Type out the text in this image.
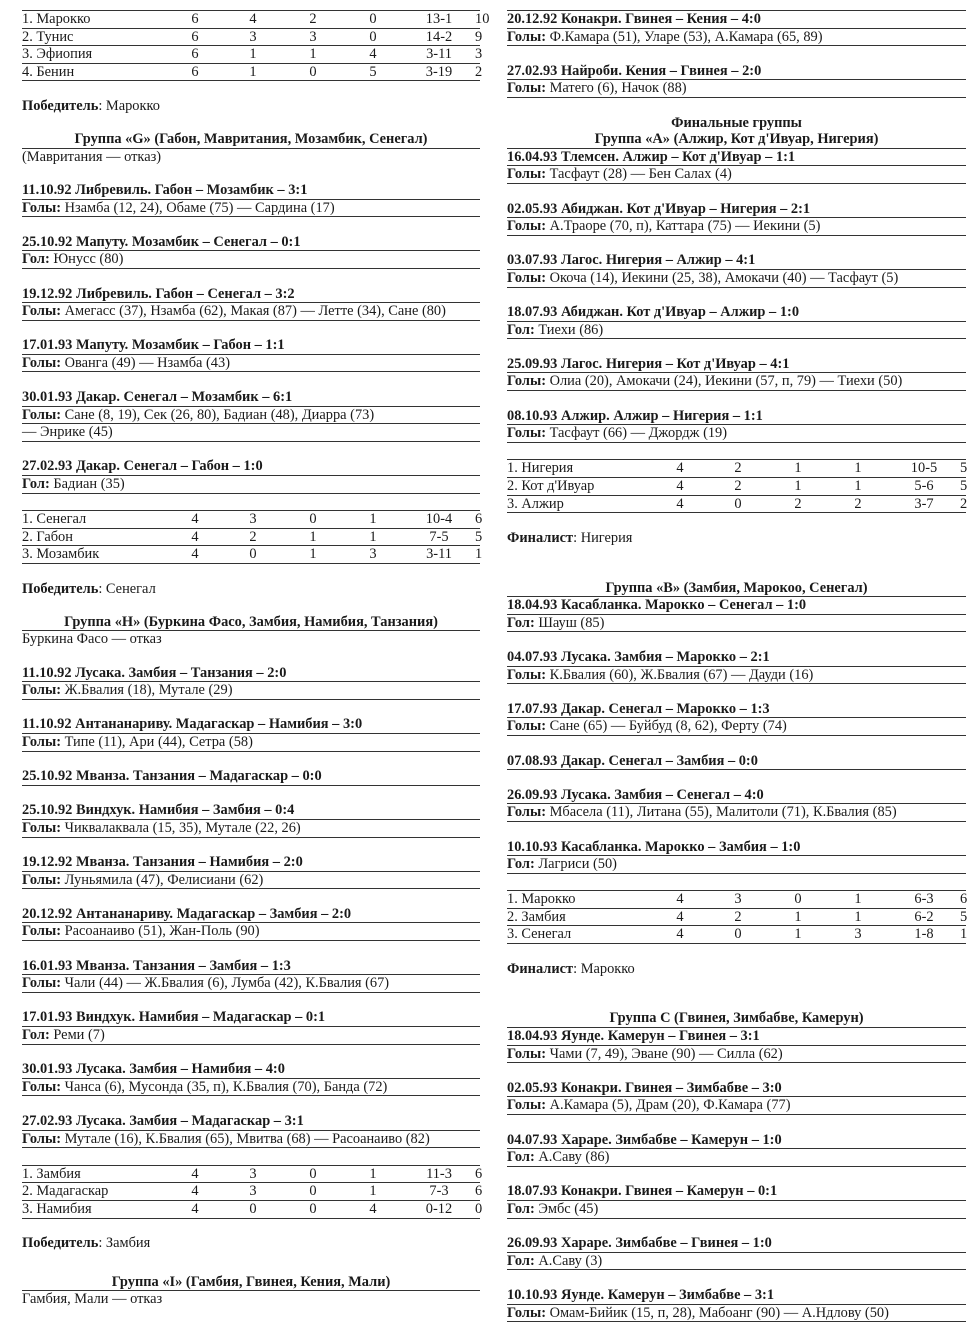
1. Марокко	6	4	2	0	13-1	10
2. Тунис	6	3	3	0	14-2	9
3. Эфиопия	6	1	1	4	3-11	3
4. Бенин	6	1	0	5	3-19	2
Победитель: Марокко
Группа «G» (Габон, Мавритания, Мозамбик, Сенегал)
(Мавритания — отказ)
11.10.92 Либревиль. Габон – Мозамбик – 3:1
Голы: Нзамба (12, 24), Обаме (75) — Сардина (17)
25.10.92 Мапуту. Мозамбик – Сенегал – 0:1
Гол: Юнусс (80)
19.12.92 Либревиль. Габон – Сенегал – 3:2
Голы: Амегасс (37), Нзамба (62), Макая (87) — Летте (34), Сане (80)
17.01.93 Мапуту. Мозамбик – Габон – 1:1
Голы: Ованга (49) — Нзамба (43)
30.01.93 Дакар. Сенегал – Мозамбик – 6:1
Голы: Сане (8, 19), Сек (26, 80), Бадиан (48), Диарра (73)
— Энрике (45)
27.02.93 Дакар. Сенегал – Габон – 1:0
Гол: Бадиан (35)
1. Сенегал	4	3	0	1	10-4	6
2. Габон	4	2	1	1	7-5	5
3. Мозамбик	4	0	1	3	3-11	1
Победитель: Сенегал
Группа «Н» (Буркина Фасо, Замбия, Намибия, Танзания)
Буркина Фасо — отказ
11.10.92 Лусака. Замбия – Танзания – 2:0
Голы: Ж.Бвалия (18), Мутале (29)
11.10.92 Антананариву. Мадагаскар – Намибия – 3:0
Голы: Типе (11), Ари (44), Сетра (58)
25.10.92 Мванза. Танзания – Мадагаскар – 0:0
25.10.92 Виндхук. Намибия – Замбия – 0:4
Голы: Чиквалаквала (15, 35), Мутале (22, 26)
19.12.92 Мванза. Танзания – Намибия – 2:0
Голы: Луньямила (47), Фелисиани (62)
20.12.92 Антананариву. Мадагаскар – Замбия – 2:0
Голы: Расоанаиво (51), Жан-Поль (90)
16.01.93 Мванза. Танзания – Замбия – 1:3
Голы: Чали (44) — Ж.Бвалия (6), Лумба (42), К.Бвалия (67)
17.01.93 Виндхук. Намибия – Мадагаскар – 0:1
Гол: Реми (7)
30.01.93 Лусака. Замбия – Намибия – 4:0
Голы: Чанса (6), Мусонда (35, п), К.Бвалия (70), Банда (72)
27.02.93 Лусака. Замбия – Мадагаскар – 3:1
Голы: Мутале (16), К.Бвалия (65), Мвитва (68) — Расоанаиво (82)
1. Замбия	4	3	0	1	11-3	6
2. Мадагаскар	4	3	0	1	7-3	6
3. Намибия	4	0	0	4	0-12	0
Победитель: Замбия
Группа «I» (Гамбия, Гвинея, Кения, Мали)
Гамбия, Мали — отказ
20.12.92 Конакри. Гвинея – Кения – 4:0
Голы: Ф.Камара (51), Уларе (53), А.Камара (65, 89)
27.02.93 Найроби. Кения – Гвинея – 2:0
Голы: Матего (6), Начок (88)
Финальные группы
Группа «А» (Алжир, Кот д'Ивуар, Нигерия)
16.04.93 Тлемсен. Алжир – Кот д'Ивуар – 1:1
Голы: Тасфаут (28) — Бен Салах (4)
02.05.93 Абиджан. Кот д'Ивуар – Нигерия – 2:1
Голы: А.Траоре (70, п), Каттара (75) — Иекини (5)
03.07.93 Лагос. Нигерия – Алжир – 4:1
Голы: Окоча (14), Иекини (25, 38), Амокачи (40) — Тасфаут (5)
18.07.93 Абиджан. Кот д'Ивуар – Алжир – 1:0
Гол: Тиехи (86)
25.09.93 Лагос. Нигерия – Кот д'Ивуар – 4:1
Голы: Олиа (20), Амокачи (24), Иекини (57, п, 79) — Тиехи (50)
08.10.93 Алжир. Алжир – Нигерия – 1:1
Голы: Тасфаут (66) — Джордж (19)
1. Нигерия	4	2	1	1	10-5	5
2. Кот д'Ивуар	4	2	1	1	5-6	5
3. Алжир	4	0	2	2	3-7	2
Финалист: Нигерия
Группа «В» (Замбия, Марокоо, Сенегал)
18.04.93 Касабланка. Марокко – Сенегал – 1:0
Гол: Шауш (85)
04.07.93 Лусака. Замбия – Марокко – 2:1
Голы: К.Бвалия (60), Ж.Бвалия (67) — Дауди (16)
17.07.93 Дакар. Сенегал – Марокко – 1:3
Голы: Сане (65) — Буйбуд (8, 62), Ферту (74)
07.08.93 Дакар. Сенегал – Замбия – 0:0
26.09.93 Лусака. Замбия – Сенегал – 4:0
Голы: Мбасела (11), Литана (55), Малитоли (71), К.Бвалия (85)
10.10.93 Касабланка. Марокко – Замбия – 1:0
Гол: Лагриси (50)
1. Марокко	4	3	0	1	6-3	6
2. Замбия	4	2	1	1	6-2	5
3. Сенегал	4	0	1	3	1-8	1
Финалист: Марокко
Группа С (Гвинея, Зимбабве, Камерун)
18.04.93 Яунде. Камерун – Гвинея – 3:1
Голы: Чами (7, 49), Эване (90) — Силла (62)
02.05.93 Конакри. Гвинея – Зимбабве – 3:0
Голы: А.Камара (5), Драм (20), Ф.Камара (77)
04.07.93 Хараре. Зимбабве – Камерун – 1:0
Гол: А.Саву (86)
18.07.93 Конакри. Гвинея – Камерун – 0:1
Гол: Эмбс (45)
26.09.93 Хараре. Зимбабве – Гвинея – 1:0
Гол: А.Саву (3)
10.10.93 Яунде. Камерун – Зимбабве – 3:1
Голы: Омам-Бийик (15, п, 28), Мабоанг (90) — А.Ндлову (50)
